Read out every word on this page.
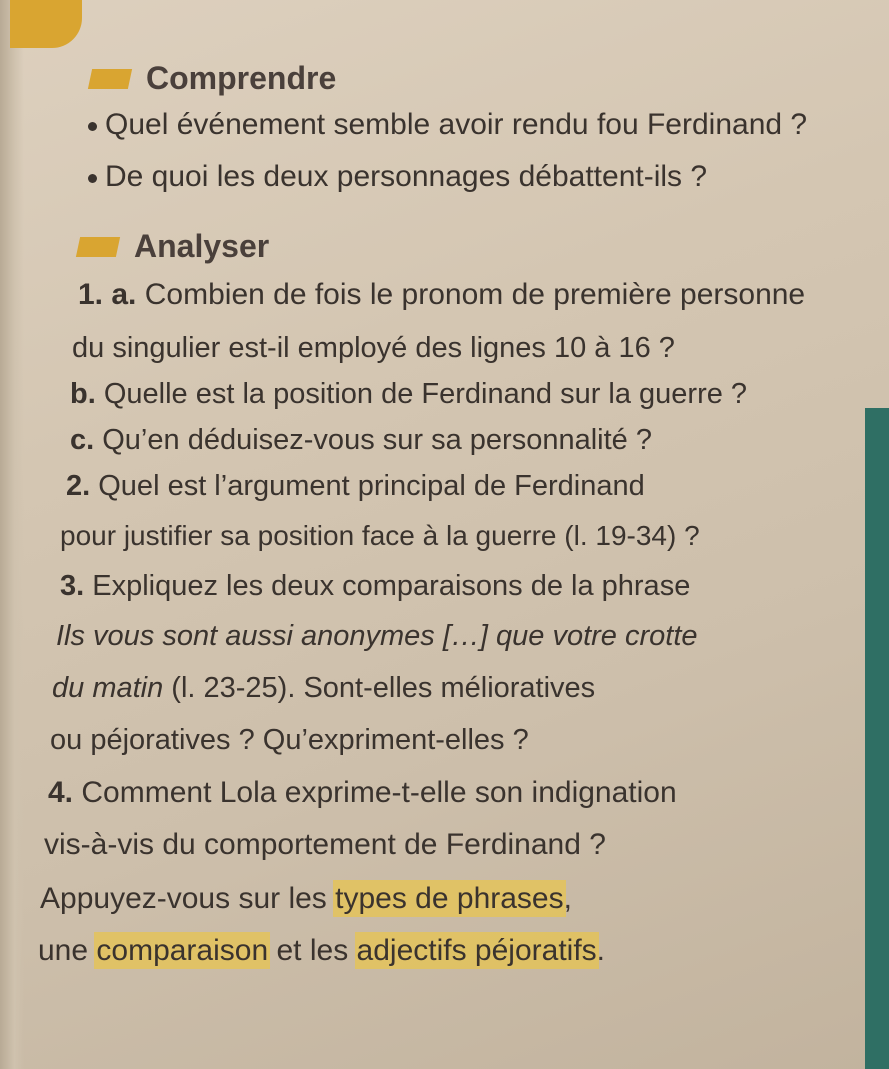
Comprendre
Quel événement semble avoir rendu fou Ferdinand ?
De quoi les deux personnages débattent-ils ?
Analyser
1. a. Combien de fois le pronom de première personne
du singulier est-il employé des lignes 10 à 16 ?
b. Quelle est la position de Ferdinand sur la guerre ?
c. Qu’en déduisez-vous sur sa personnalité ?
2. Quel est l’argument principal de Ferdinand
pour justifier sa position face à la guerre (l. 19-34) ?
3. Expliquez les deux comparaisons de la phrase
Ils vous sont aussi anonymes […] que votre crotte
du matin (l. 23-25). Sont-elles mélioratives
ou péjoratives ? Qu’expriment-elles ?
4. Comment Lola exprime-t-elle son indignation
vis-à-vis du comportement de Ferdinand ?
Appuyez-vous sur les types de phrases,
une comparaison et les adjectifs péjoratifs.
